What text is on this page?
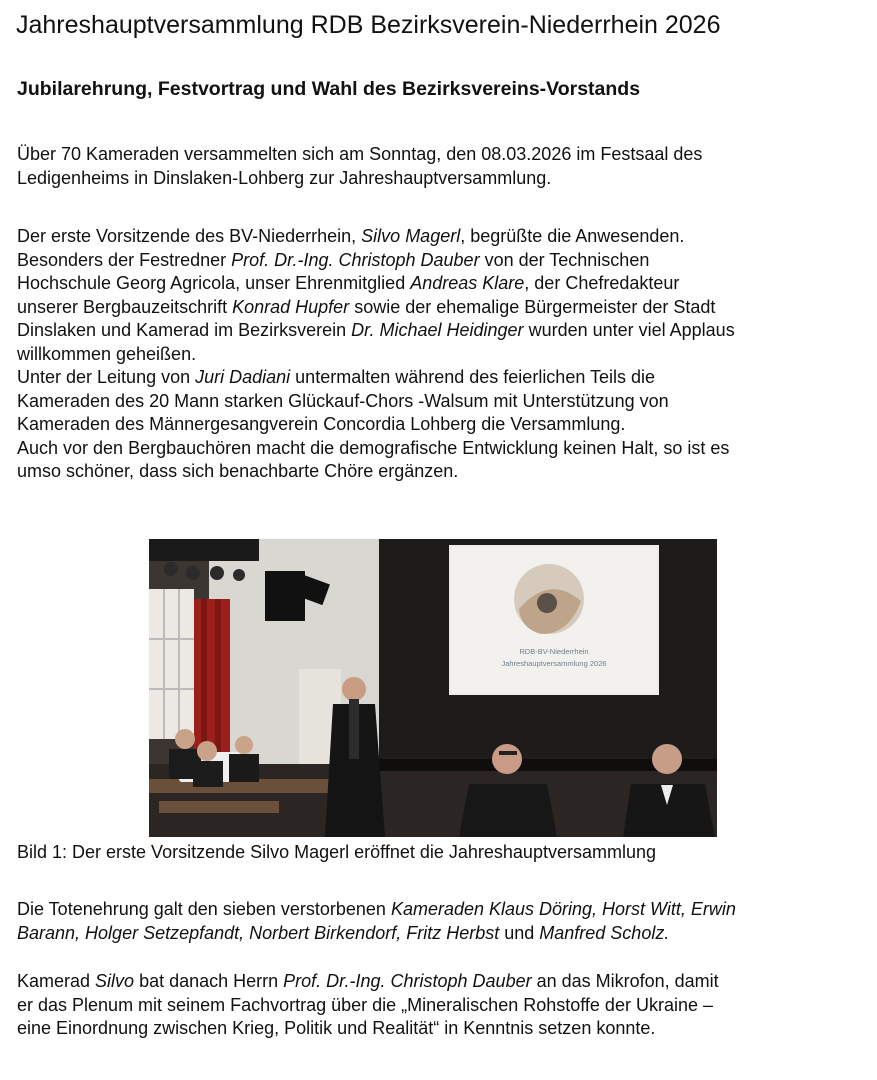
Jahreshauptversammlung RDB Bezirksverein-Niederrhein 2026
Jubilarehrung, Festvortrag und Wahl des Bezirksvereins-Vorstands

Über 70 Kameraden versammelten sich am Sonntag, den 08.03.2026 im Festsaal des
Ledigenheims in Dinslaken-Lohberg zur Jahreshauptversammlung.

Der erste Vorsitzende des BV-Niederrhein, Silvo Magerl, begrüßte die Anwesenden.
Besonders der Festredner Prof. Dr.-Ing. Christoph Dauber von der Technischen
Hochschule Georg Agricola, unser Ehrenmitglied Andreas Klare, der Chefredakteur
unserer Bergbauzeitschrift Konrad Hupfer sowie der ehemalige Bürgermeister der Stadt
Dinslaken und Kamerad im Bezirksverein Dr. Michael Heidinger wurden unter viel Applaus
willkommen geheißen.
Unter der Leitung von Juri Dadiani untermalten während des feierlichen Teils die
Kameraden des 20 Mann starken Glückauf-Chors -Walsum mit Unterstützung von
Kameraden des Männergesangverein Concordia Lohberg die Versammlung.
Auch vor den Bergbauchören macht die demografische Entwicklung keinen Halt, so ist es
umso schöner, dass sich benachbarte Chöre ergänzen.

RDB-BV-Niederrhein
Jahreshauptversammlung 2026

Bild 1: Der erste Vorsitzende Silvo Magerl eröffnet die Jahreshauptversammlung

Die Totenehrung galt den sieben verstorbenen Kameraden Klaus Döring, Horst Witt, Erwin
Barann, Holger Setzepfandt, Norbert Birkendorf, Fritz Herbst und Manfred Scholz.

Kamerad Silvo bat danach Herrn Prof. Dr.-Ing. Christoph Dauber an das Mikrofon, damit
er das Plenum mit seinem Fachvortrag über die „Mineralischen Rohstoffe der Ukraine –
eine Einordnung zwischen Krieg, Politik und Realität“ in Kenntnis setzen konnte.
